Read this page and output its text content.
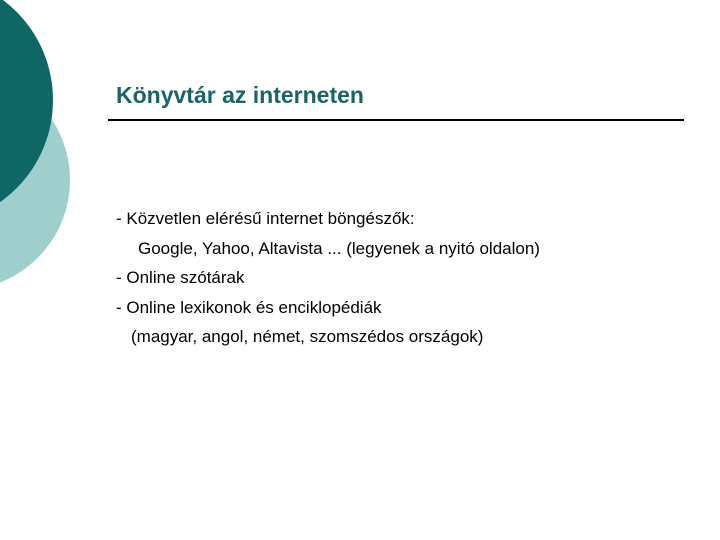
Könyvtár az interneten
- Közvetlen elérésű internet böngészők:
Google, Yahoo, Altavista ... (legyenek a nyitó oldalon)
- Online szótárak
- Online lexikonok és enciklopédiák
(magyar, angol, német, szomszédos országok)
